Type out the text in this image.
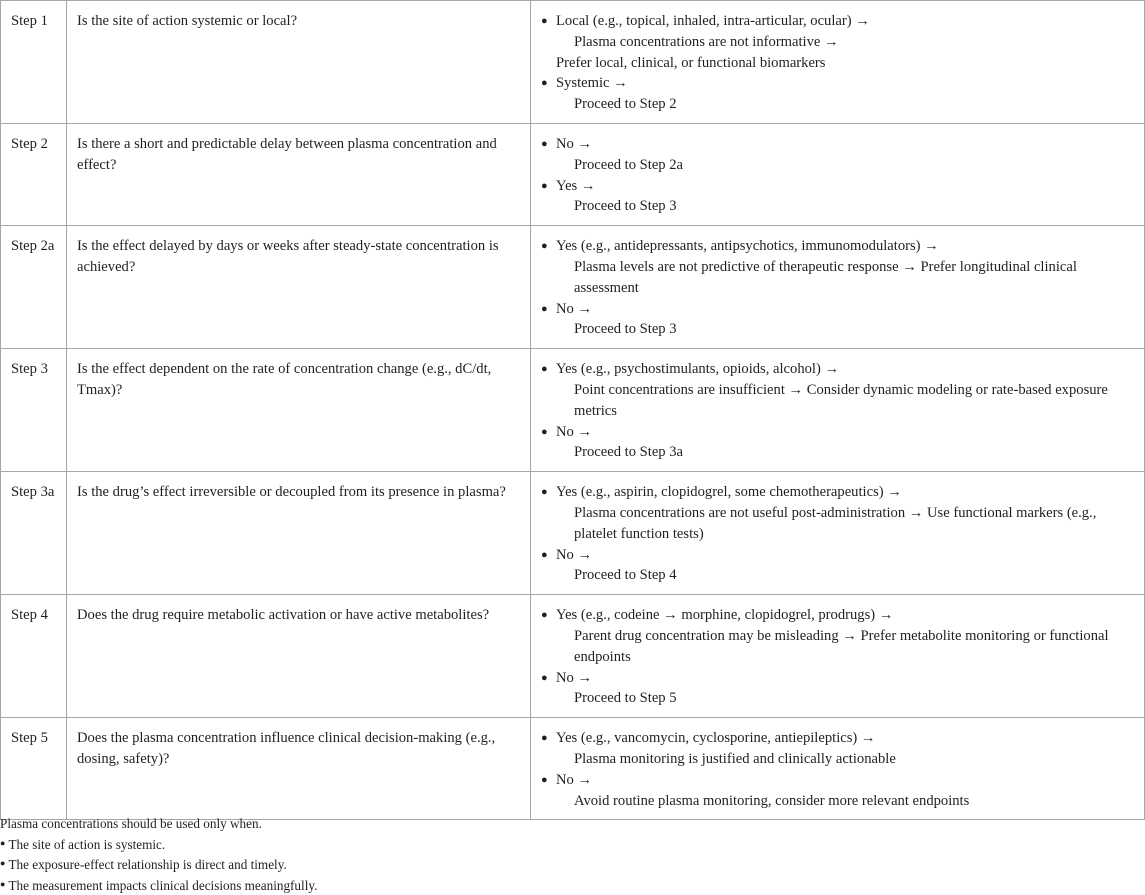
Step 1	Is the site of action systemic or local?	● Local (e.g., topical, inhaled, intra-articular, ocular) →
Plasma concentrations are not informative →
Prefer local, clinical, or functional biomarkers
● Systemic →
Proceed to Step 2

Step 2	Is there a short and predictable delay between plasma concentration and effect?	● No →
Proceed to Step 2a
● Yes →
Proceed to Step 3

Step 2a	Is the effect delayed by days or weeks after steady-state concentration is achieved?	● Yes (e.g., antidepressants, antipsychotics, immunomodulators) →
Plasma levels are not predictive of therapeutic response → Prefer longitudinal clinical assessment
● No →
Proceed to Step 3

Step 3	Is the effect dependent on the rate of concentration change (e.g., dC/dt, Tmax)?	● Yes (e.g., psychostimulants, opioids, alcohol) →
Point concentrations are insufficient → Consider dynamic modeling or rate-based exposure metrics
● No →
Proceed to Step 3a

Step 3a	Is the drug’s effect irreversible or decoupled from its presence in plasma?	● Yes (e.g., aspirin, clopidogrel, some chemotherapeutics) →
Plasma concentrations are not useful post-administration → Use functional markers (e.g., platelet function tests)
● No →
Proceed to Step 4

Step 4	Does the drug require metabolic activation or have active metabolites?	● Yes (e.g., codeine → morphine, clopidogrel, prodrugs) →
Parent drug concentration may be misleading → Prefer metabolite monitoring or functional endpoints
● No →
Proceed to Step 5

Step 5	Does the plasma concentration influence clinical decision-making (e.g., dosing, safety)?	● Yes (e.g., vancomycin, cyclosporine, antiepileptics) →
Plasma monitoring is justified and clinically actionable
● No →
Avoid routine plasma monitoring, consider more relevant endpoints
Plasma concentrations should be used only when.
● The site of action is systemic.
● The exposure-effect relationship is direct and timely.
● The measurement impacts clinical decisions meaningfully.
